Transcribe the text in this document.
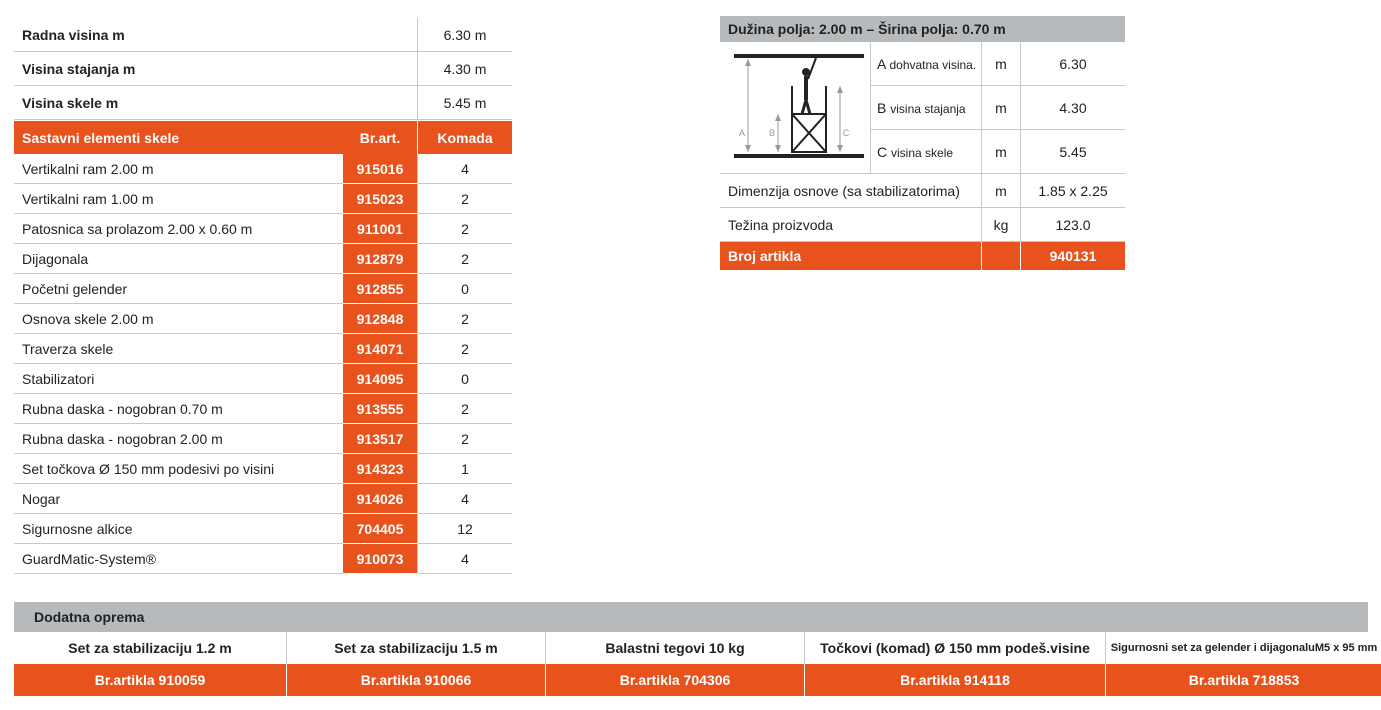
Radna visina m	6.30 m
Visina stajanja m	4.30 m
Visina skele m	5.45 m
Sastavni elementi skele	Br.art.	Komada
Vertikalni ram 2.00 m	915016	4
Vertikalni ram 1.00 m	915023	2
Patosnica sa prolazom 2.00 x 0.60 m	911001	2
Dijagonala	912879	2
Početni gelender	912855	0
Osnova skele 2.00 m	912848	2
Traverza skele	914071	2
Stabilizatori	914095	0
Rubna daska - nogobran 0.70 m	913555	2
Rubna daska - nogobran 2.00 m	913517	2
Set točkova Ø 150 mm podesivi po visini	914323	1
Nogar	914026	4
Sigurnosne alkice	704405	12
GuardMatic-System®	910073	4
Dužina polja: 2.00 m – Širina polja: 0.70 m
A B C	A dohvatna visina.	m	6.30
	B visina stajanja	m	4.30
	C visina skele	m	5.45
Dimenzija osnove (sa stabilizatorima)		m	1.85 x 2.25
Težina proizvoda		kg	123.0
Broj artikla			940131
Dodatna oprema
Set za stabilizaciju 1.2 m	Set za stabilizaciju 1.5 m	Balastni tegovi 10 kg	Točkovi (komad) Ø 150 mm podeš.visine	Sigurnosni set za gelender i dijagonaluM5 x 95 mm
Br.artikla 910059	Br.artikla 910066	Br.artikla 704306	Br.artikla 914118	Br.artikla 718853
